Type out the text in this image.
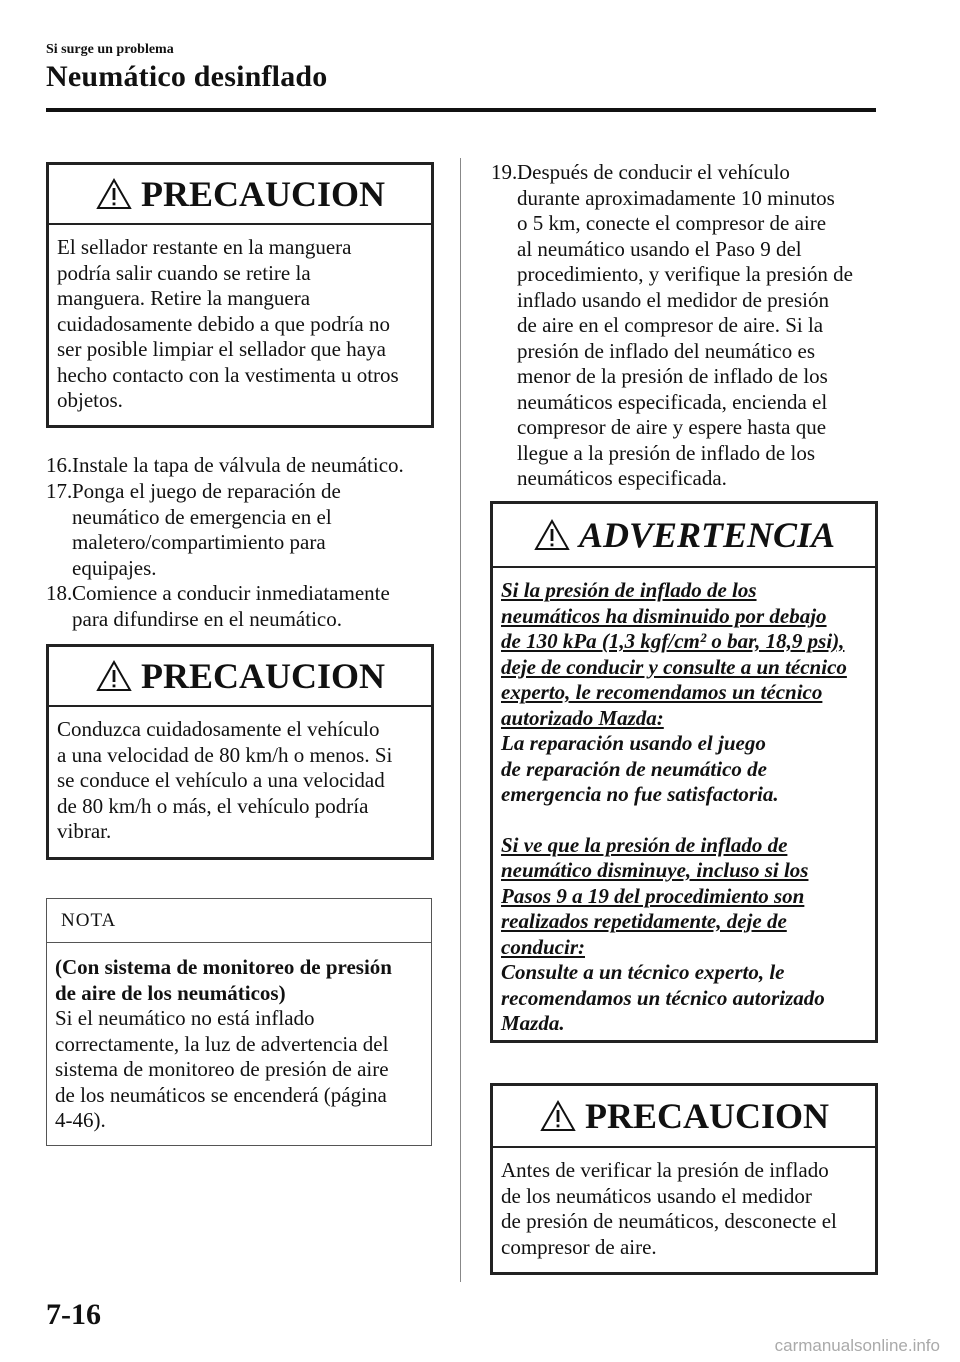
Si surge un problema
Neumático desinflado
PRECAUCION
El sellador restante en la manguera
podría salir cuando se retire la
manguera. Retire la manguera
cuidadosamente debido a que podría no
ser posible limpiar el sellador que haya
hecho contacto con la vestimenta u otros
objetos.
16. Instale la tapa de válvula de neumático.
17. Ponga el juego de reparación de
neumático de emergencia en el
maletero/compartimiento para
equipajes.
18. Comience a conducir inmediatamente
para difundirse en el neumático.
PRECAUCION
Conduzca cuidadosamente el vehículo
a una velocidad de 80 km/h o menos. Si
se conduce el vehículo a una velocidad
de 80 km/h o más, el vehículo podría
vibrar.
NOTA
(Con sistema de monitoreo de presión
de aire de los neumáticos)
Si el neumático no está inflado
correctamente, la luz de advertencia del
sistema de monitoreo de presión de aire
de los neumáticos se encenderá (página
4-46).
19. Después de conducir el vehículo
durante aproximadamente 10 minutos
o 5 km, conecte el compresor de aire
al neumático usando el Paso 9 del
procedimiento, y verifique la presión de
inflado usando el medidor de presión
de aire en el compresor de aire. Si la
presión de inflado del neumático es
menor de la presión de inflado de los
neumáticos especificada, encienda el
compresor de aire y espere hasta que
llegue a la presión de inflado de los
neumáticos especificada.
ADVERTENCIA
Si la presión de inflado de los
neumáticos ha disminuido por debajo
de 130 kPa (1,3 kgf/cm² o bar, 18,9 psi),
deje de conducir y consulte a un técnico
experto, le recomendamos un técnico
autorizado Mazda:
La reparación usando el juego
de reparación de neumático de
emergencia no fue satisfactoria.
Si ve que la presión de inflado de
neumático disminuye, incluso si los
Pasos 9 a 19 del procedimiento son
realizados repetidamente, deje de
conducir:
Consulte a un técnico experto, le
recomendamos un técnico autorizado
Mazda.
PRECAUCION
Antes de verificar la presión de inflado
de los neumáticos usando el medidor
de presión de neumáticos, desconecte el
compresor de aire.
7-16
carmanualsonline.info
